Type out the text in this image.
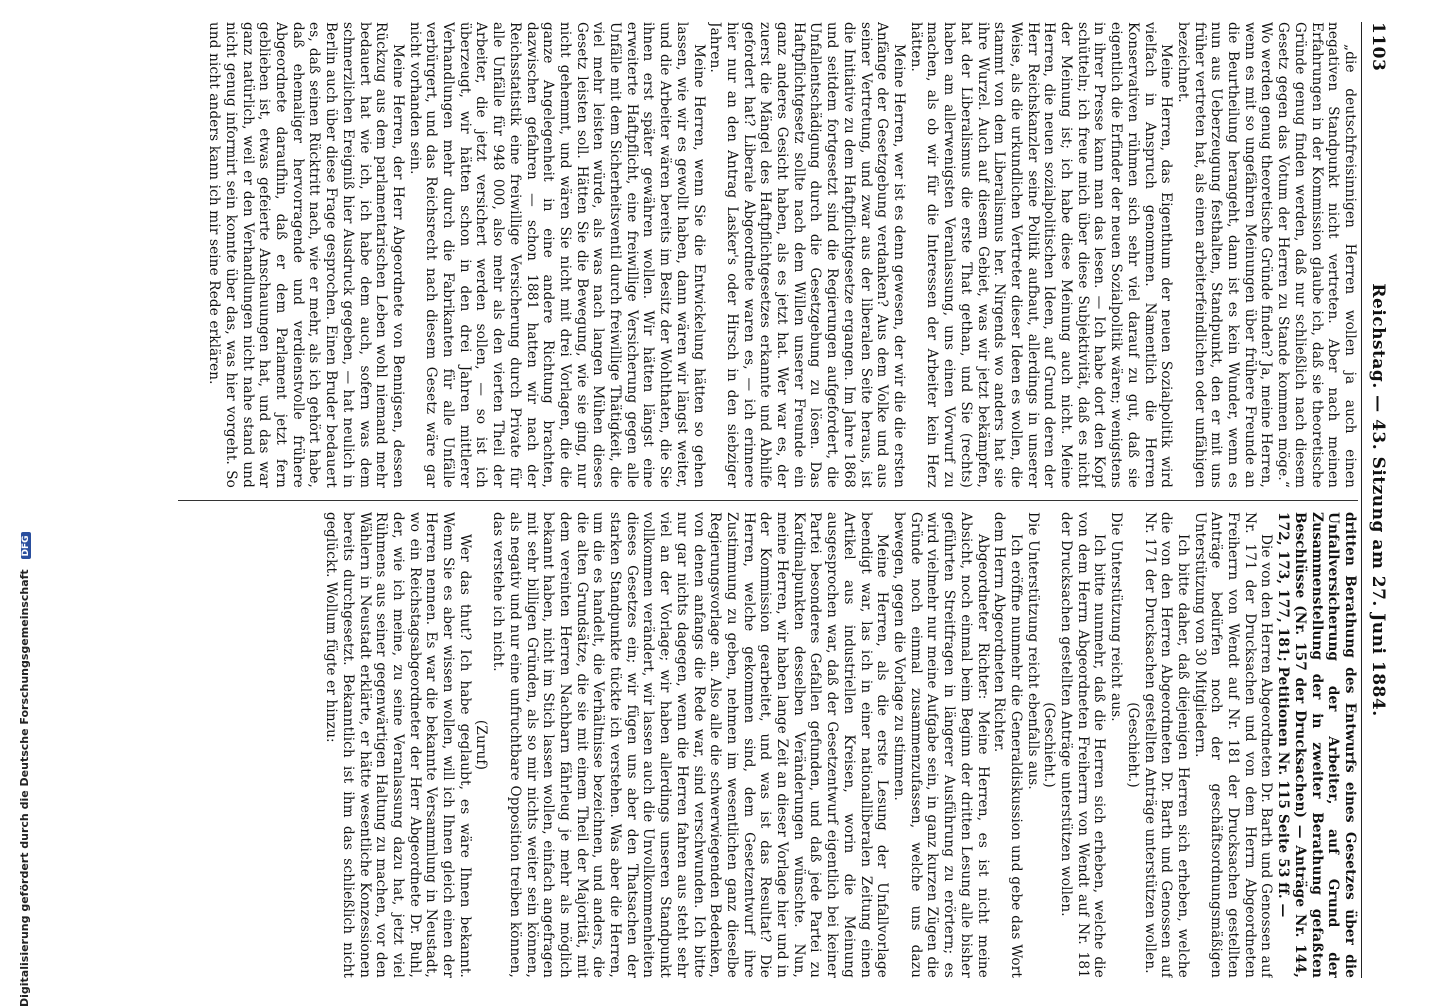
1103
Reichstag. — 43. Sitzung am 27. Juni 1884.

„die deutschfreisinnigen Herren wollen ja auch einen negativen Standpunkt nicht vertreten. Aber nach meinen Erfahrungen in der Kommission glaube ich, daß sie theoretische Gründe genug finden werden, daß nur schließlich nach diesem Gesetz gegen das Votum der Herren zu Stande kommen möge.“ Wo werden genug theoretische Gründe finden? Ja, meine Herren, wenn es mit so ungefähren Meinungen über frühere Freunde an die Beurtheilung herangeht, dann ist es kein Wunder, wenn es nun aus Ueberzeugung festhalten, Standpunkt, den er mit uns früher vertreten hat, als einen arbeiterfeindlichen oder unfähigen bezeichnet.

Meine Herren, das Eigenthum der neuen Sozialpolitik wird vielfach in Anspruch genommen. Namentlich die Herren Konservativen rühmen sich sehr viel darauf zu gut, daß sie eigentlich die Erfinder der neuen Sozialpolitik wären; wenigstens in ihrer Presse kann man das lesen. — Ich habe dort den Kopf schütteln; ich freue mich über diese Subjektivität, daß es nicht der Meinung ist; ich habe diese Meinung auch nicht. Meine Herren, die neuen sozialpolitischen Ideen, auf Grund deren der Herr Reichskanzler seine Politik aufbaut, allerdings in unserer Weise, als die urkundlichen Vertreter dieser Ideen es wollen, die stammt von dem Liberalismus her. Nirgends wo anders hat sie ihre Wurzel. Auch auf diesem Gebiet, was wir jetzt bekämpfen, hat der Liberalismus die erste That gethan, und Sie (rechts) haben am allerwenigsten Veranlassung, uns einen Vorwurf zu machen, als ob wir für die Interessen der Arbeiter kein Herz hätten.

Meine Herren, wer ist es denn gewesen, der wir die die ersten Anfänge der Gesetzgebung verdanken? Aus dem Volke und aus seiner Vertretung, und zwar aus der liberalen Seite heraus, ist die Initiative zu dem Haftpflichtgesetze ergangen. Im Jahre 1868 und seitdem fortgesetzt sind die Regierungen aufgefordert, die Unfallentschädigung durch die Gesetzgebung zu lösen. Das Haftpflichtgesetz sollte nach dem Willen unserer Freunde ein ganz anderes Gesicht haben, als es jetzt hat. Wer war es, der zuerst die Mängel des Haftpflichtgesetzes erkannte und Abhilfe gefordert hat? Liberale Abgeordnete waren es, — ich erinnere hier nur an den Antrag Lasker's oder Hirsch in den siebziger Jahren.

Meine Herren, wenn Sie die Entwickelung hätten so gehen lassen, wie wir es gewollt haben, dann wären wir längst weiter, und die Arbeiter wären bereits im Besitz der Wohlthaten, die Sie ihnen erst später gewähren wollen. Wir hätten längst eine erweiterte Haftpflicht, eine freiwillige Versicherung gegen alle Unfälle mit dem Sicherheitsventil durch freiwillige Thätigkeit, die viel mehr leisten würde, als was nach langen Mühen dieses Gesetz leisten soll. Hätten Sie die Bewegung, wie sie ging, nur nicht gehemmt, und wären Sie nicht mit drei Vorlagen, die die ganze Angelegenheit in eine andere Richtung brachten, dazwischen gefahren — schon 1881 hatten wir nach der Reichsstatistik eine freiwillige Versicherung durch Private für alle Unfälle für 948 000, also mehr als den vierten Theil der Arbeiter, die jetzt versichert werden sollen, — so ist ich überzeugt, wir hätten schon in den drei Jahren mittlerer Verhandlungen mehr durch die Fabrikanten für alle Unfälle verbürgert, und das Reichsrecht nach diesem Gesetz wäre gar nicht vorhanden sein.

Meine Herren, der Herr Abgeordnete von Bennigsen, dessen Rückzug aus dem parlamentarischen Leben wohl niemand mehr bedauert hat wie ich, ich habe dem auch, sofern was dem schmerzlichen Ereigniß hier Ausdruck gegeben, — hat neulich in Berlin auch über diese Frage gesprochen. Einen Bruder bedauert es, daß seinen Rücktritt nach, wie er mehr, als ich gehört habe, daß ehemaliger hervorragende und verdienstvolle frühere Abgeordnete daraufhin, daß er dem Parlament jetzt fern geblieben ist, etwas gefeierte Anschauungen hat, und das war ganz natürlich, weil er den Verhandlungen nicht nahe stand und nicht genug informirt sein konnte über das, was hier vorgeht. So und nicht anders kann ich mir seine Rede erklären.

dritten Berathung des Entwurfs eines Gesetzes über die Unfallversicherung der Arbeiter, auf Grund der Zusammenstellung der in zweiter Berathung gefaßten Beschlüsse (Nr. 157 der Drucksachen) — Anträge Nr. 144, 172, 173, 177, 181; Petitionen Nr. 115 Seite 53 ff. —

Die von den Herren Abgeordneten Dr. Barth und Genossen auf Nr. 171 der Drucksachen und von dem Herrn Abgeordneten Freiherrn von Wendt auf Nr. 181 der Drucksachen gestellten Anträge bedürfen noch der geschäftsordnungsmäßigen Unterstützung von 30 Mitgliedern.

Ich bitte daher, daß diejenigen Herren sich erheben, welche die von den Herren Abgeordneten Dr. Barth und Genossen auf Nr. 171 der Drucksachen gestellten Anträge unterstützen wollen.

(Geschieht.)

Die Unterstützung reicht aus.

Ich bitte nunmehr, daß die Herren sich erheben, welche die von dem Herrn Abgeordneten Freiherrn von Wendt auf Nr. 181 der Drucksachen gestellten Anträge unterstützen wollen.

(Geschieht.)

Die Unterstützung reicht ebenfalls aus.

Ich eröffne nunmehr die Generaldiskussion und gebe das Wort dem Herrn Abgeordneten Richter.

Abgeordneter Richter: Meine Herren, es ist nicht meine Absicht, noch einmal beim Beginn der dritten Lesung alle bisher geführten Streitfragen in längerer Ausführung zu erörtern; es wird vielmehr nur meine Aufgabe sein, in ganz kurzen Zügen die Gründe noch einmal zusammenzufassen, welche uns dazu bewegen, gegen die Vorlage zu stimmen.

Meine Herren, als die erste Lesung der Unfallvorlage beendigt war, las ich in einer nationalliberalen Zeitung einen Artikel aus industriellen Kreisen, worin die Meinung ausgesprochen war, daß der Gesetzentwurf eigentlich bei keiner Partei besonderes Gefallen gefunden, und daß jede Partei zu Kardinalpunkten desselben Veränderungen wünschte. Nun, meine Herren, wir haben lange Zeit an dieser Vorlage hier und in der Kommission gearbeitet, und was ist das Resultat? Die Herren, welche gekommen sind, dem Gesetzentwurf ihre Zustimmung zu geben, nehmen im wesentlichen ganz dieselbe Regierungsvorlage an. Also alle die schwerwiegenden Bedenken, von denen anfangs die Rede war, sind verschwunden. Ich bitte nur gar nichts dagegen, wenn die Herren fahren aus steht sehr viel an der Vorlage; wir haben allerdings unseren Standpunkt vollkommen verändert, wir lassen auch die Unvollkommenheiten dieses Gesetzes ein; wir fügen uns aber den Thatsachen der starken Standpunkte tückte ich verstehen. Was aber die Herren, um die es handelt, die Verhältnisse bezeichnen, und anders, die die alten Grundsätze, die sie mit einem Theil der Majorität, mit dem vereinten Herren Nachbarn fährleug je mehr als möglich bekannt haben, nicht im Stich lassen wollen, einfach angefragen mit sehr billigen Gründen, als so mir nichts weiter sein können, als negativ und nur eine unfruchtbare Opposition treiben können, das verstehe ich nicht.

(Zuruf)

Wer das thut? Ich habe geglaubt, es wäre Ihnen bekannt. Wenn Sie es aber wissen wollen, will ich Ihnen gleich einen der Herren nennen. Es war die bekannte Versammlung in Neustadt, wo ein Reichstagsabgeordneter der Herr Abgeordnete Dr. Buhl, der, wie ich meine, zu seine Veranlassung dazu hat, jetzt viel Rühmens aus seiner gegenwärtigen Haltung zu machen, vor den Wählern in Neustadt erklärte, er hätte wesentliche Konzessionen bereits durchgesetzt. Bekanntlich ist ihm das schließlich nicht geglückt. Wollum fügte er hinzu:

Digitalisierung gefördert durch die Deutsche Forschungsgemeinschaft DFG
